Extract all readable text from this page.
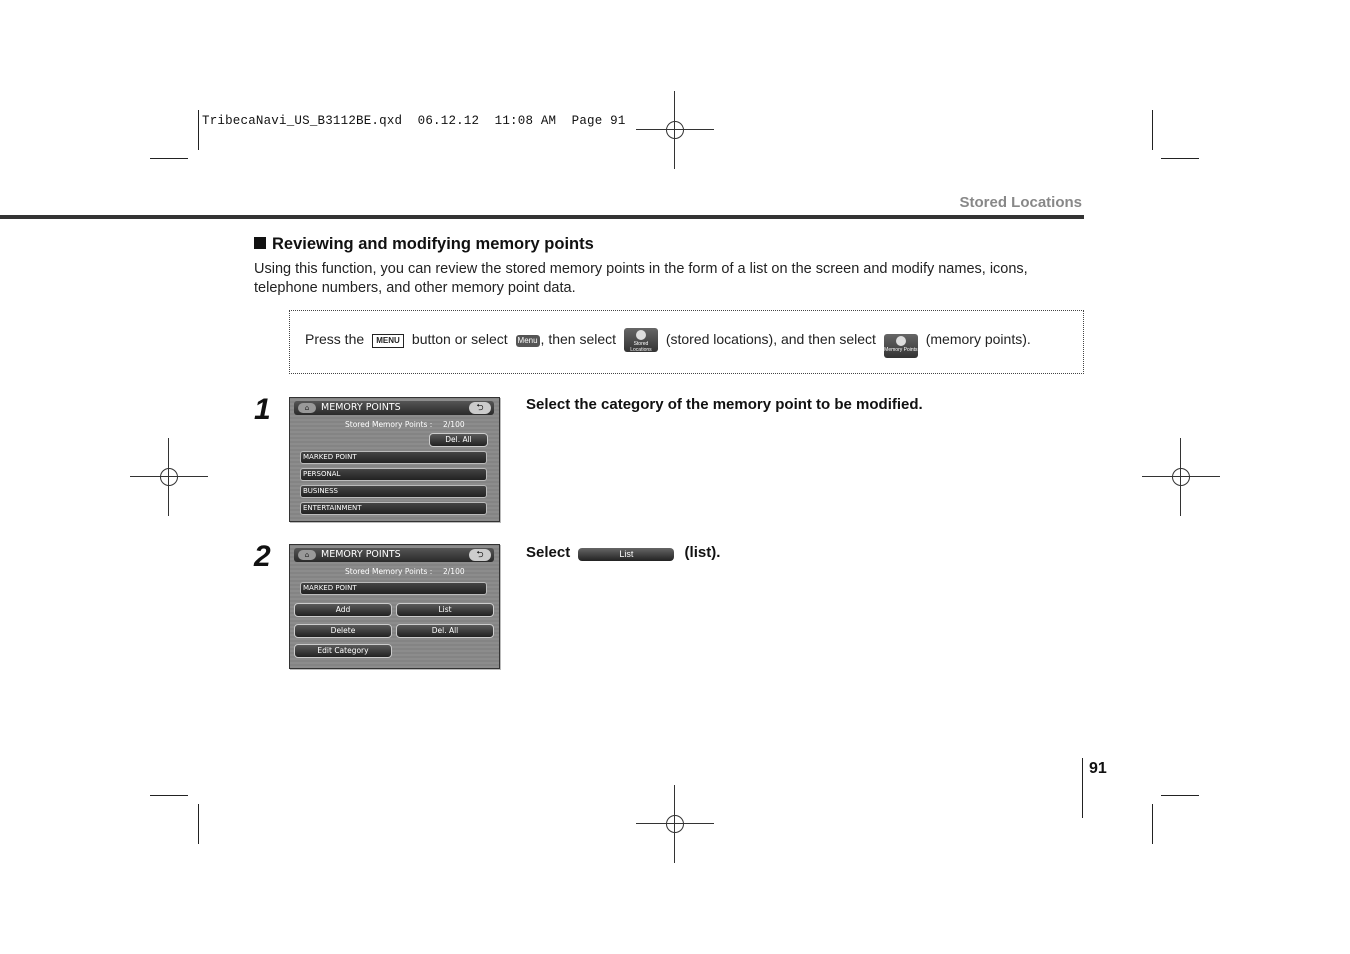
TribecaNavi_US_B3112BE.qxd  06.12.12  11:08 AM  Page 91
Stored Locations
Reviewing and modifying memory points
Using this function, you can review the stored memory points in the form of a list on the screen and modify names, icons, telephone numbers, and other memory point data.
Press the MENU button or select Menu , then select	Stored Locations (stored locations), and then select
Memory Points (memory points).
1	Select the category of the memory point to be modified.
⌂	MEMORY POINTS	⮌
Stored Memory Points : 2/100
Del. All
MARKED POINT
PERSONAL
BUSINESS
ENTERTAINMENT
2	Select	List	(list).
⌂	MEMORY POINTS	⮌
Stored Memory Points : 2/100
MARKED POINT
Add	List
Delete	Del. All
Edit Category
91
